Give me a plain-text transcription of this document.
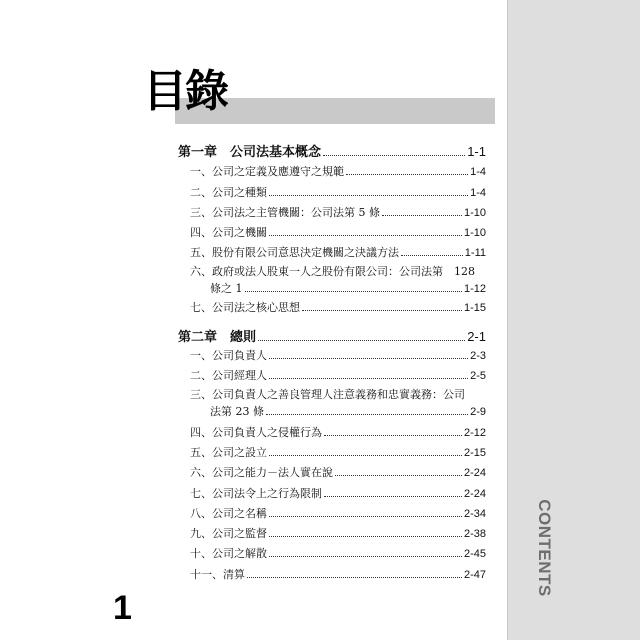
CONTENTS
目錄
第一章　公司法基本概念	1-1
一、公司之定義及應遵守之規範	1-4
二、公司之種類	1-4
三、公司法之主管機關：公司法第 5 條	1-10
四、公司之機關	1-10
五、股份有限公司意思決定機關之決議方法	1-11
六、政府或法人股東一人之股份有限公司：公司法第　128
條之 1	1-12
七、公司法之核心思想	1-15
第二章　總則	2-1
一、公司負責人	2-3
二、公司經理人	2-5
三、公司負責人之善良管理人注意義務和忠實義務：公司
法第 23 條	2-9
四、公司負責人之侵權行為	2-12
五、公司之設立	2-15
六、公司之能力－法人實在說	2-24
七、公司法令上之行為限制	2-24
八、公司之名稱	2-34
九、公司之監督	2-38
十、公司之解散	2-45
十一、清算	2-47
1
